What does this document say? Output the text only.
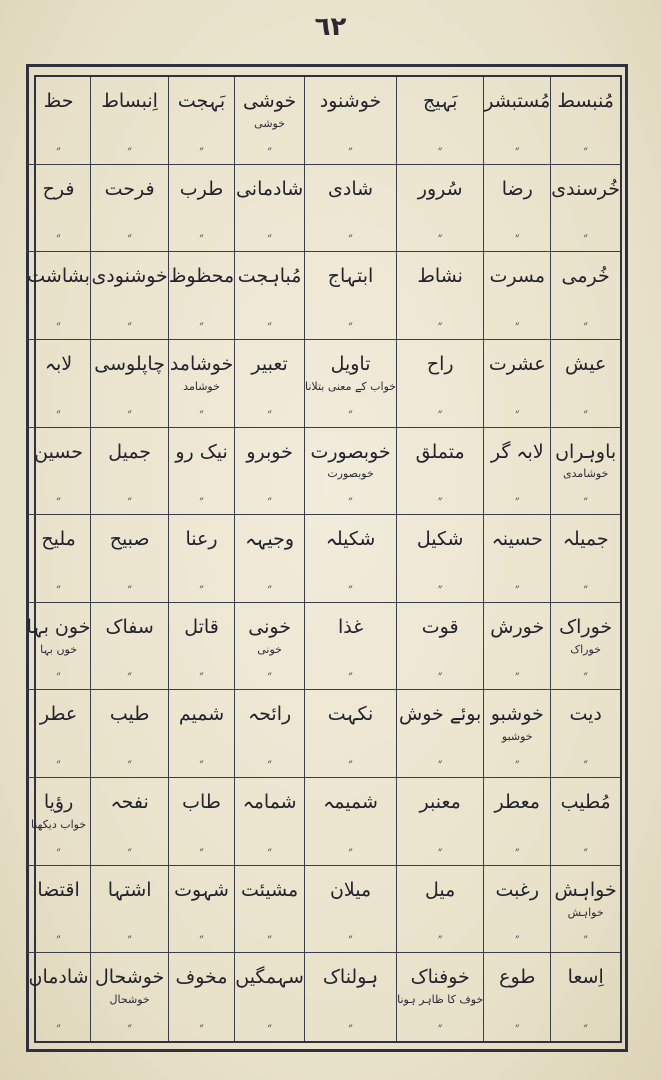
٦٢
مُنبسط
״
مُستبشر
״
بَہیج
״
خوشنود
״
خوشی
خوشی
״
بَہجت
״
اِنبساط
״
حظ
״
خُرسندی
״
رضا
״
سُرور
״
شادی
״
شادمانی
״
طرب
״
فرحت
״
فرح
״
خُرمی
״
مسرت
״
نشاط
״
ابتہاج
״
مُباہجت
״
محظوظ
״
خوشنودی
״
بشاشت
״
عیش
״
عشرت
״
راح
״
تاویل
خواب کے معنی بتلانا
״
تعبیر
״
خوشامد
خوشامد
״
چاپلوسی
״
لابہ
״
باوہراں
خوشامدی
״
لابہ گر
״
متملق
״
خوبصورت
خوبصورت
״
خوبرو
״
نیک رو
״
جمیل
״
حسین
״
جمیلہ
״
حسینہ
״
شکیل
״
شکیلہ
״
وجیہہ
״
رعنا
״
صبیح
״
ملیح
״
خوراک
خوراک
״
خورش
״
قوت
״
غذا
״
خونی
خونی
״
قاتل
״
سفاک
״
خون بہا
خوں بہا
״
دیت
״
خوشبو
خوشبو
״
بوئے خوش
״
نکہت
״
رائحہ
״
شمیم
״
طیب
״
عطر
״
مُطیب
״
معطر
״
معنبر
״
شمیمہ
״
شمامہ
״
طاب
״
نفحہ
״
رؤیا
خواب دیکھنا
״
خواہش
خواہش
״
رغبت
״
میل
״
میلان
״
مشیئت
״
شہوت
״
اشتہا
״
اقتضا
״
اِسعا
״
طوع
״
خوفناک
خوف کا ظاہر ہونا
״
ہولناک
״
سہمگیں
״
مخوف
״
خوشحال
خوشحال
״
شادماں
״
